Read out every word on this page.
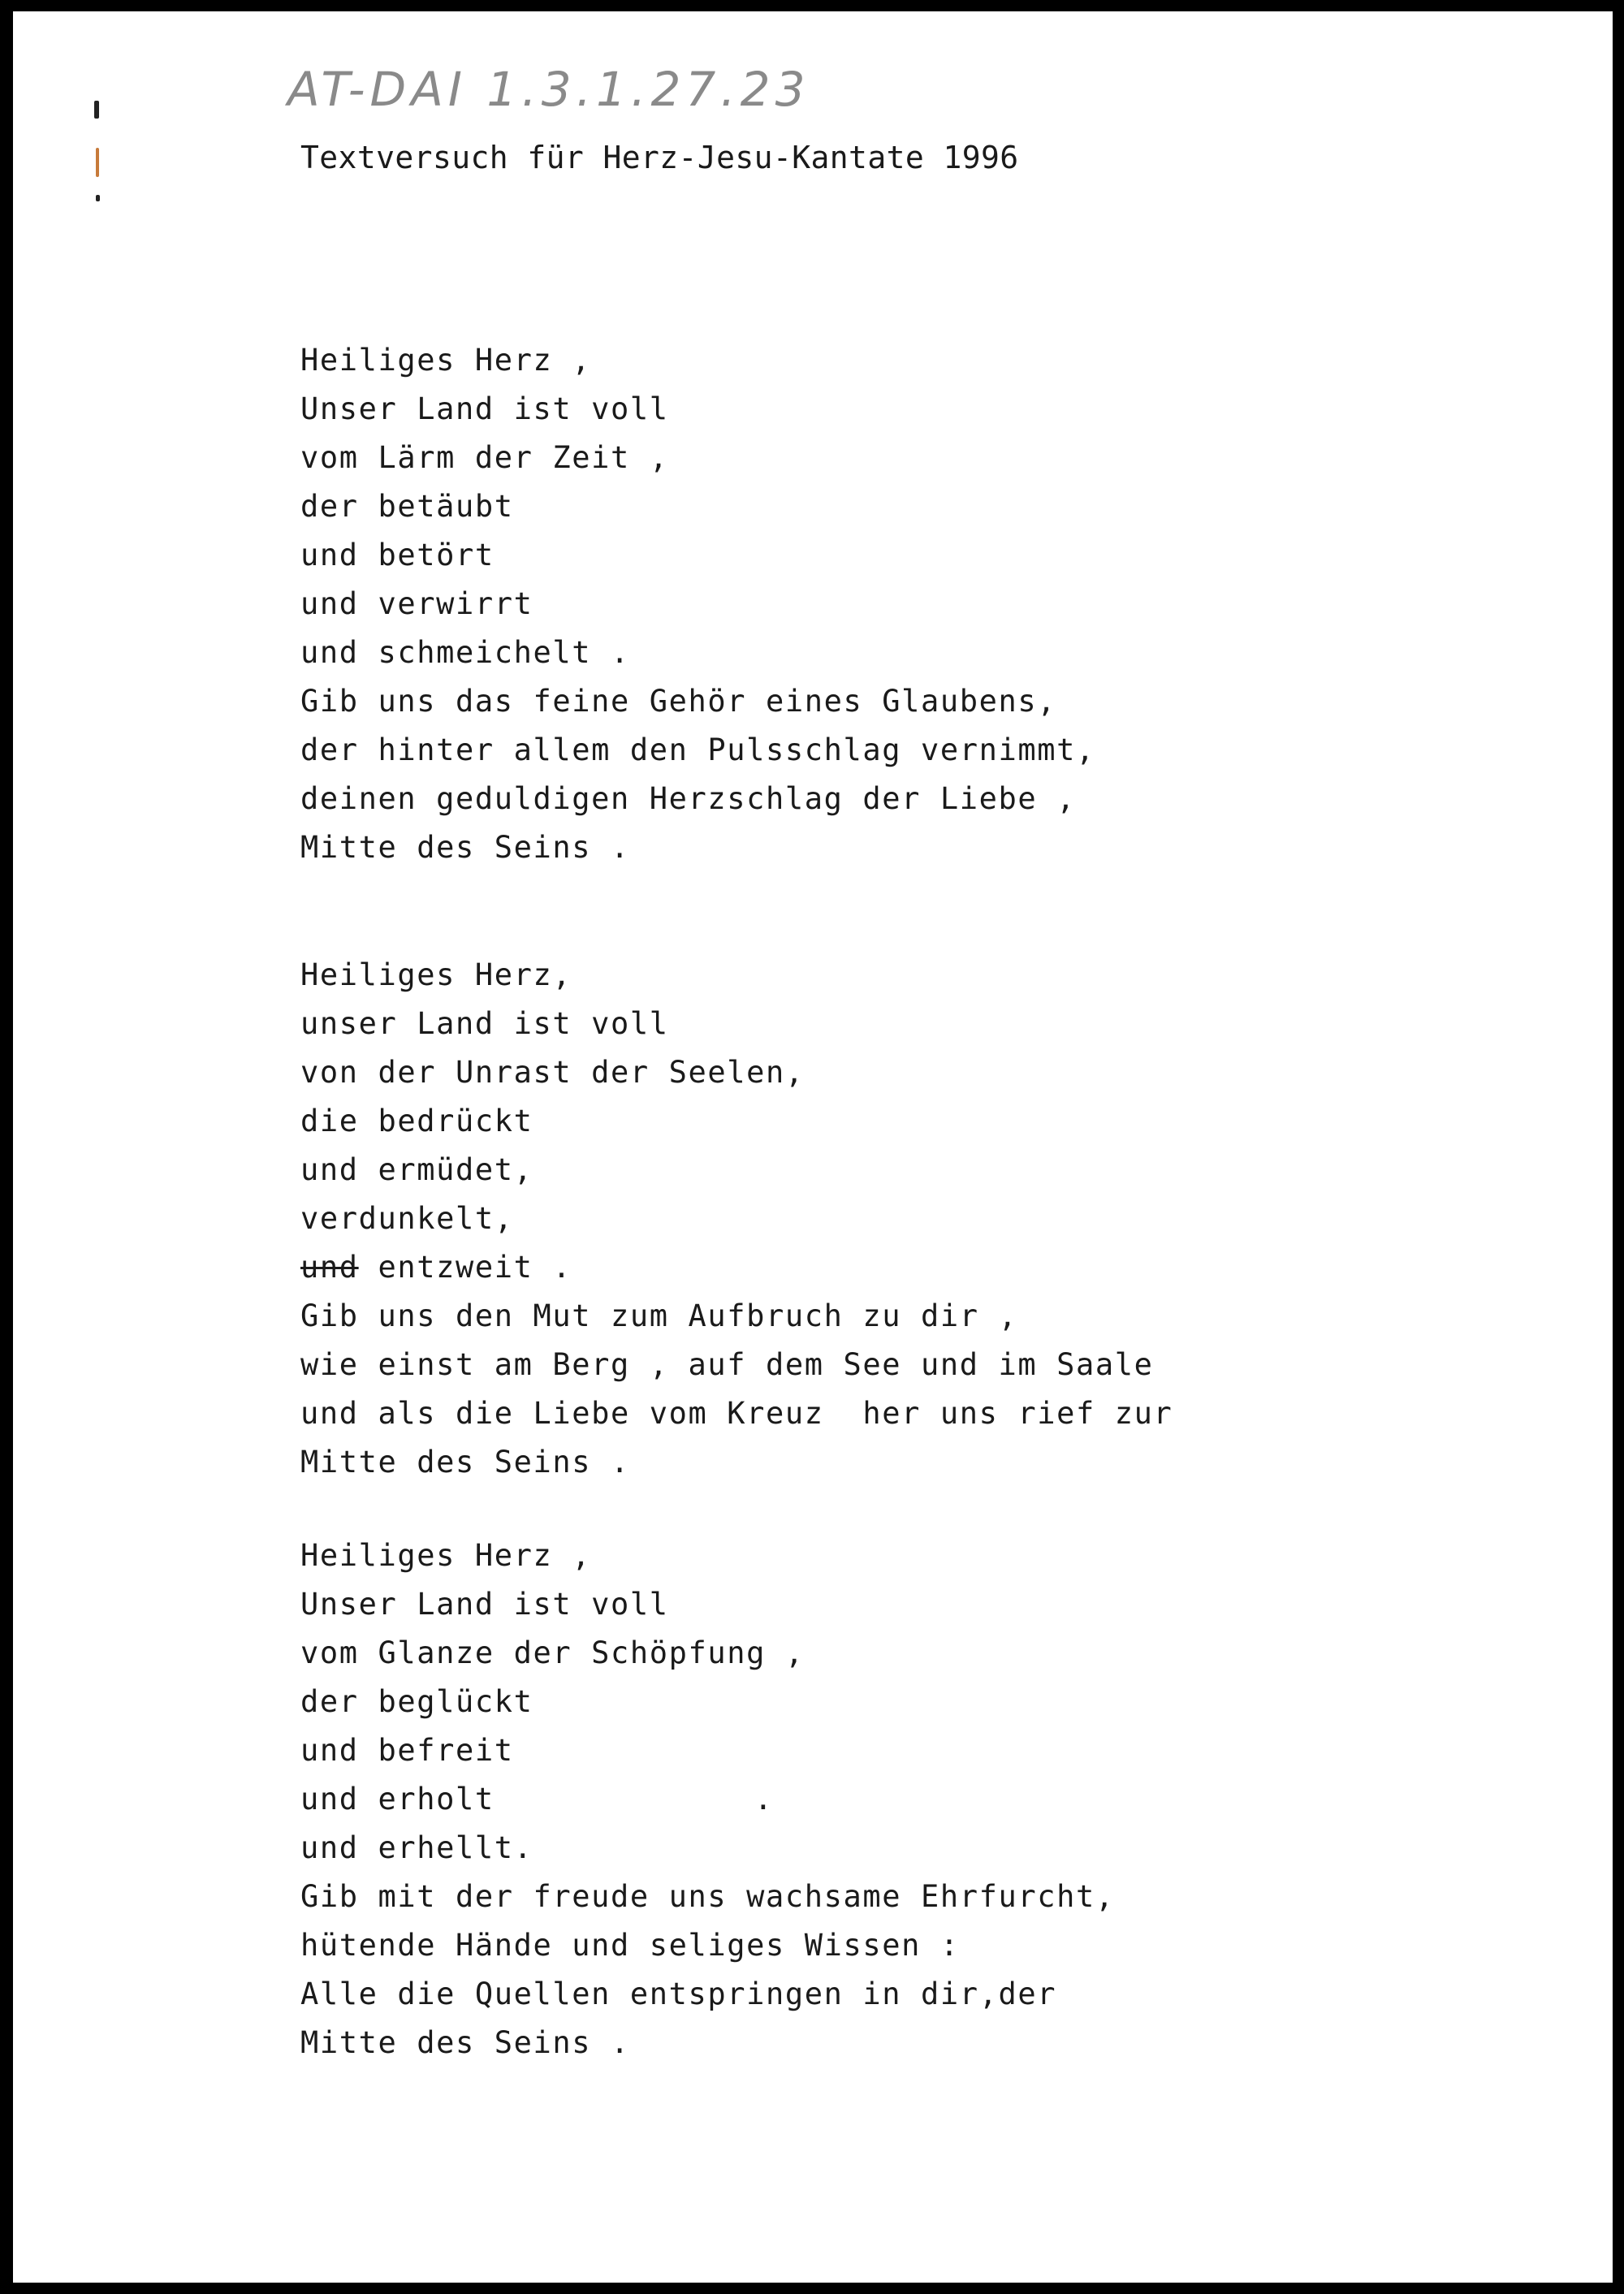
AT-DAI 1.3.1.27.23
Textversuch für Herz-Jesu-Kantate 1996
Heiliges Herz ,
Unser Land ist voll
vom Lärm der Zeit ,
der betäubt
und betört
und verwirrt
und schmeichelt .
Gib uns das feine Gehör eines Glaubens,
der hinter allem den Pulsschlag vernimmt,
deinen geduldigen Herzschlag der Liebe ,
Mitte des Seins .
Heiliges Herz,
unser Land ist voll
von der Unrast der Seelen,
die bedrückt
und ermüdet,
verdunkelt,
und entzweit .
Gib uns den Mut zum Aufbruch zu dir ,
wie einst am Berg , auf dem See und im Saale
und als die Liebe vom Kreuz  her uns rief zur
Mitte des Seins .
Heiliges Herz ,
Unser Land ist voll
vom Glanze der Schöpfung ,
der beglückt
und befreit
und erholt	.
und erhellt.
Gib mit der freude uns wachsame Ehrfurcht,
hütende Hände und seliges Wissen :
Alle die Quellen entspringen in dir,der
Mitte des Seins .
